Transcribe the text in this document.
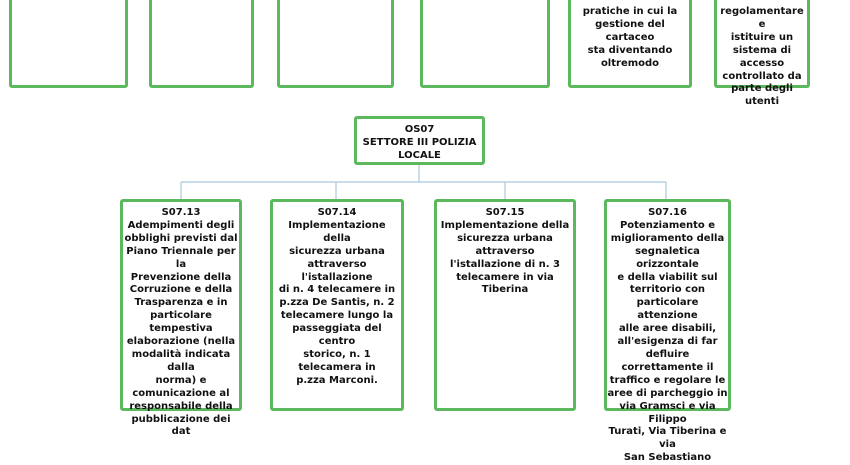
pratiche in cui la
gestione del cartaceo
sta diventando
oltremodo
regolamentare e
istituire un
sistema di
accesso
controllato da
parte degli utenti
OS07
SETTORE III POLIZIA
LOCALE
S07.13
Adempimenti degli
obblighi previsti dal
Piano Triennale per la
Prevenzione della
Corruzione e della
Trasparenza e in
particolare tempestiva
elaborazione (nella
modalità indicata dalla
norma) e
comunicazione al
responsabile della
pubblicazione dei dat
S07.14
Implementazione della
sicurezza urbana
attraverso l'istallazione
di n. 4 telecamere in
p.zza De Santis, n. 2
telecamere lungo la
passeggiata del centro
storico, n. 1 telecamera in
p.zza Marconi.
S07.15
Implementazione della
sicurezza urbana attraverso
l'istallazione di n. 3
telecamere in via Tiberina
S07.16
Potenziamento e
miglioramento della
segnaletica orizzontale
e della viabilit sul
territorio con
particolare attenzione
alle aree disabili,
all'esigenza di far
defluire correttamente il
traffico e regolare le
aree di parcheggio in
via Gramsci e via Filippo
Turati, Via Tiberina e via
San Sebastiano
